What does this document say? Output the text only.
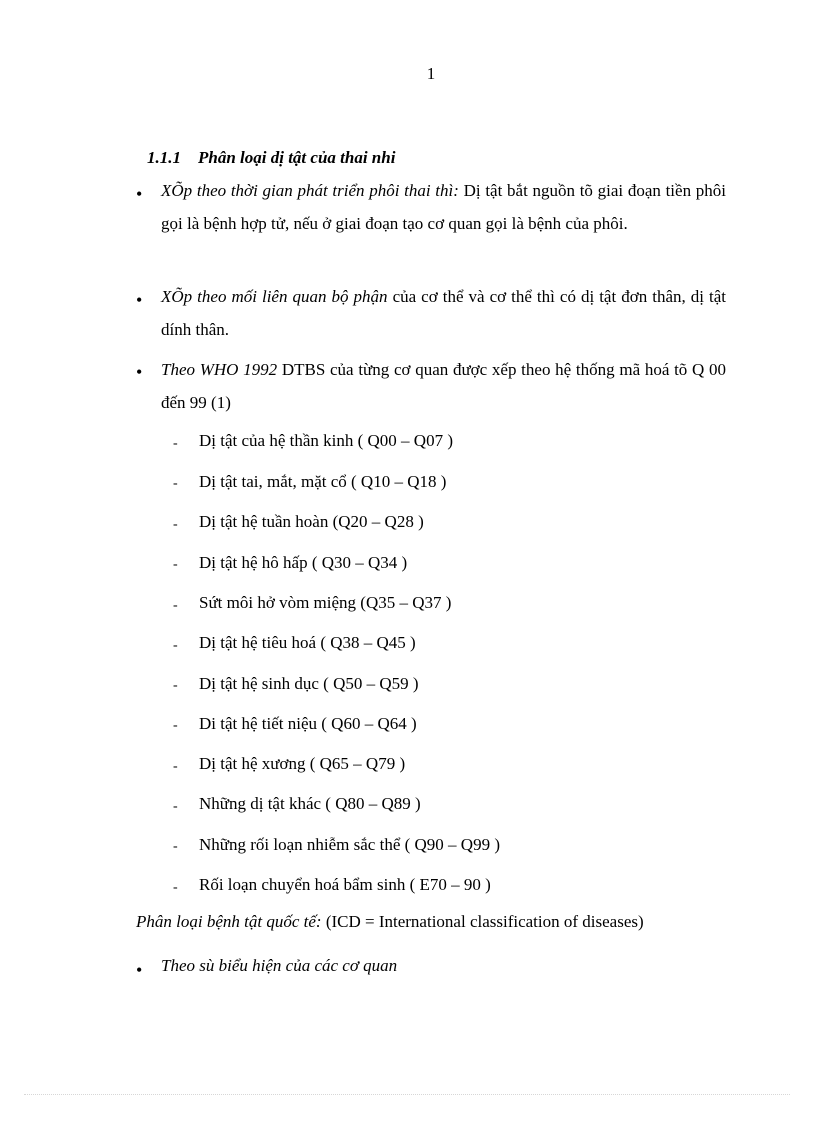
1
1.1.1 Phân loại dị tật của thai nhi
• XÕp theo thời gian phát triển phôi thai thì: Dị tật bắt nguồn tõ giai đoạn tiền phôi gọi là bệnh hợp tử, nếu ở giai đoạn tạo cơ quan gọi là bệnh của phôi.
• XÕp theo mối liên quan bộ phận của cơ thể và cơ thể thì có dị tật đơn thân, dị tật dính thân.
• Theo WHO 1992 DTBS của từng cơ quan được xếp theo hệ thống mã hoá tõ Q 00 đến 99 (1)
- Dị tật của hệ thần kinh ( Q00 – Q07 )
- Dị tật tai, mắt, mặt cổ ( Q10 – Q18 )
- Dị tật hệ tuần hoàn (Q20 – Q28 )
- Dị tật hệ hô hấp ( Q30 – Q34 )
- Sứt môi hở vòm miệng (Q35 – Q37 )
- Dị tật hệ tiêu hoá ( Q38 – Q45 )
- Dị tật hệ sinh dục ( Q50 – Q59 )
- Di tật hệ tiết niệu ( Q60 – Q64 )
- Dị tật hệ xương ( Q65 – Q79 )
- Những dị tật khác ( Q80 – Q89 )
- Những rối loạn nhiễm sắc thể ( Q90 – Q99 )
- Rối loạn chuyển hoá bẩm sinh ( E70 – 90 )
Phân loại bệnh tật quốc tế: (ICD = International classification of diseases)
• Theo sù biểu hiện của các cơ quan
